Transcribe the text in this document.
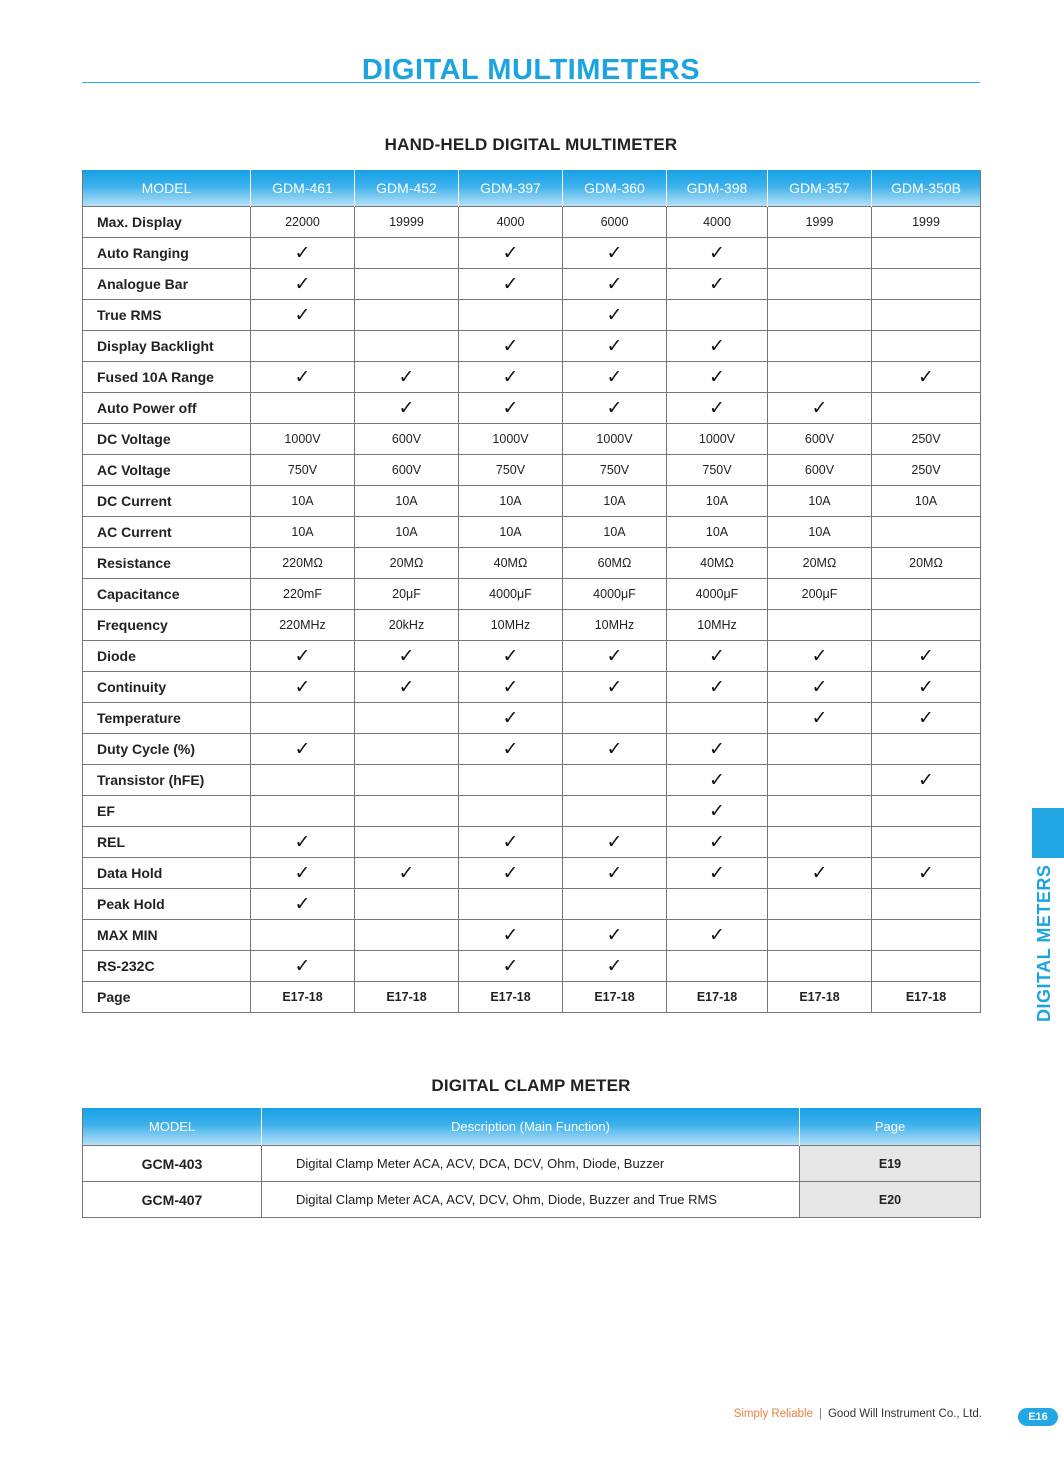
DIGITAL MULTIMETERS
HAND-HELD DIGITAL MULTIMETER
MODEL	GDM-461	GDM-452	GDM-397	GDM-360	GDM-398	GDM-357	GDM-350B
Max. Display	22000	19999	4000	6000	4000	1999	1999
Auto Ranging	✓		✓	✓	✓		
Analogue Bar	✓		✓	✓	✓		
True RMS	✓			✓			
Display Backlight			✓	✓	✓		
Fused 10A Range	✓	✓	✓	✓	✓		✓
Auto Power off		✓	✓	✓	✓	✓	
DC Voltage	1000V	600V	1000V	1000V	1000V	600V	250V
AC Voltage	750V	600V	750V	750V	750V	600V	250V
DC Current	10A	10A	10A	10A	10A	10A	10A
AC Current	10A	10A	10A	10A	10A	10A	
Resistance	220MΩ	20MΩ	40MΩ	60MΩ	40MΩ	20MΩ	20MΩ
Capacitance	220mF	20μF	4000μF	4000μF	4000μF	200μF	
Frequency	220MHz	20kHz	10MHz	10MHz	10MHz		
Diode	✓	✓	✓	✓	✓	✓	✓
Continuity	✓	✓	✓	✓	✓	✓	✓
Temperature			✓			✓	✓
Duty Cycle (%)	✓		✓	✓	✓		
Transistor (hFE)					✓		✓
EF					✓		
REL	✓		✓	✓	✓		
Data Hold	✓	✓	✓	✓	✓	✓	✓
Peak Hold	✓						
MAX MIN			✓	✓	✓		
RS-232C	✓		✓	✓			
Page	E17-18	E17-18	E17-18	E17-18	E17-18	E17-18	E17-18
DIGITAL CLAMP METER
MODEL	Description (Main Function)	Page
GCM-403	Digital Clamp Meter ACA, ACV, DCA, DCV, Ohm, Diode, Buzzer	E19
GCM-407	Digital Clamp Meter ACA, ACV, DCV, Ohm, Diode, Buzzer and True RMS	E20
DIGITAL METERS
Simply Reliable | Good Will Instrument Co., Ltd.	E16
